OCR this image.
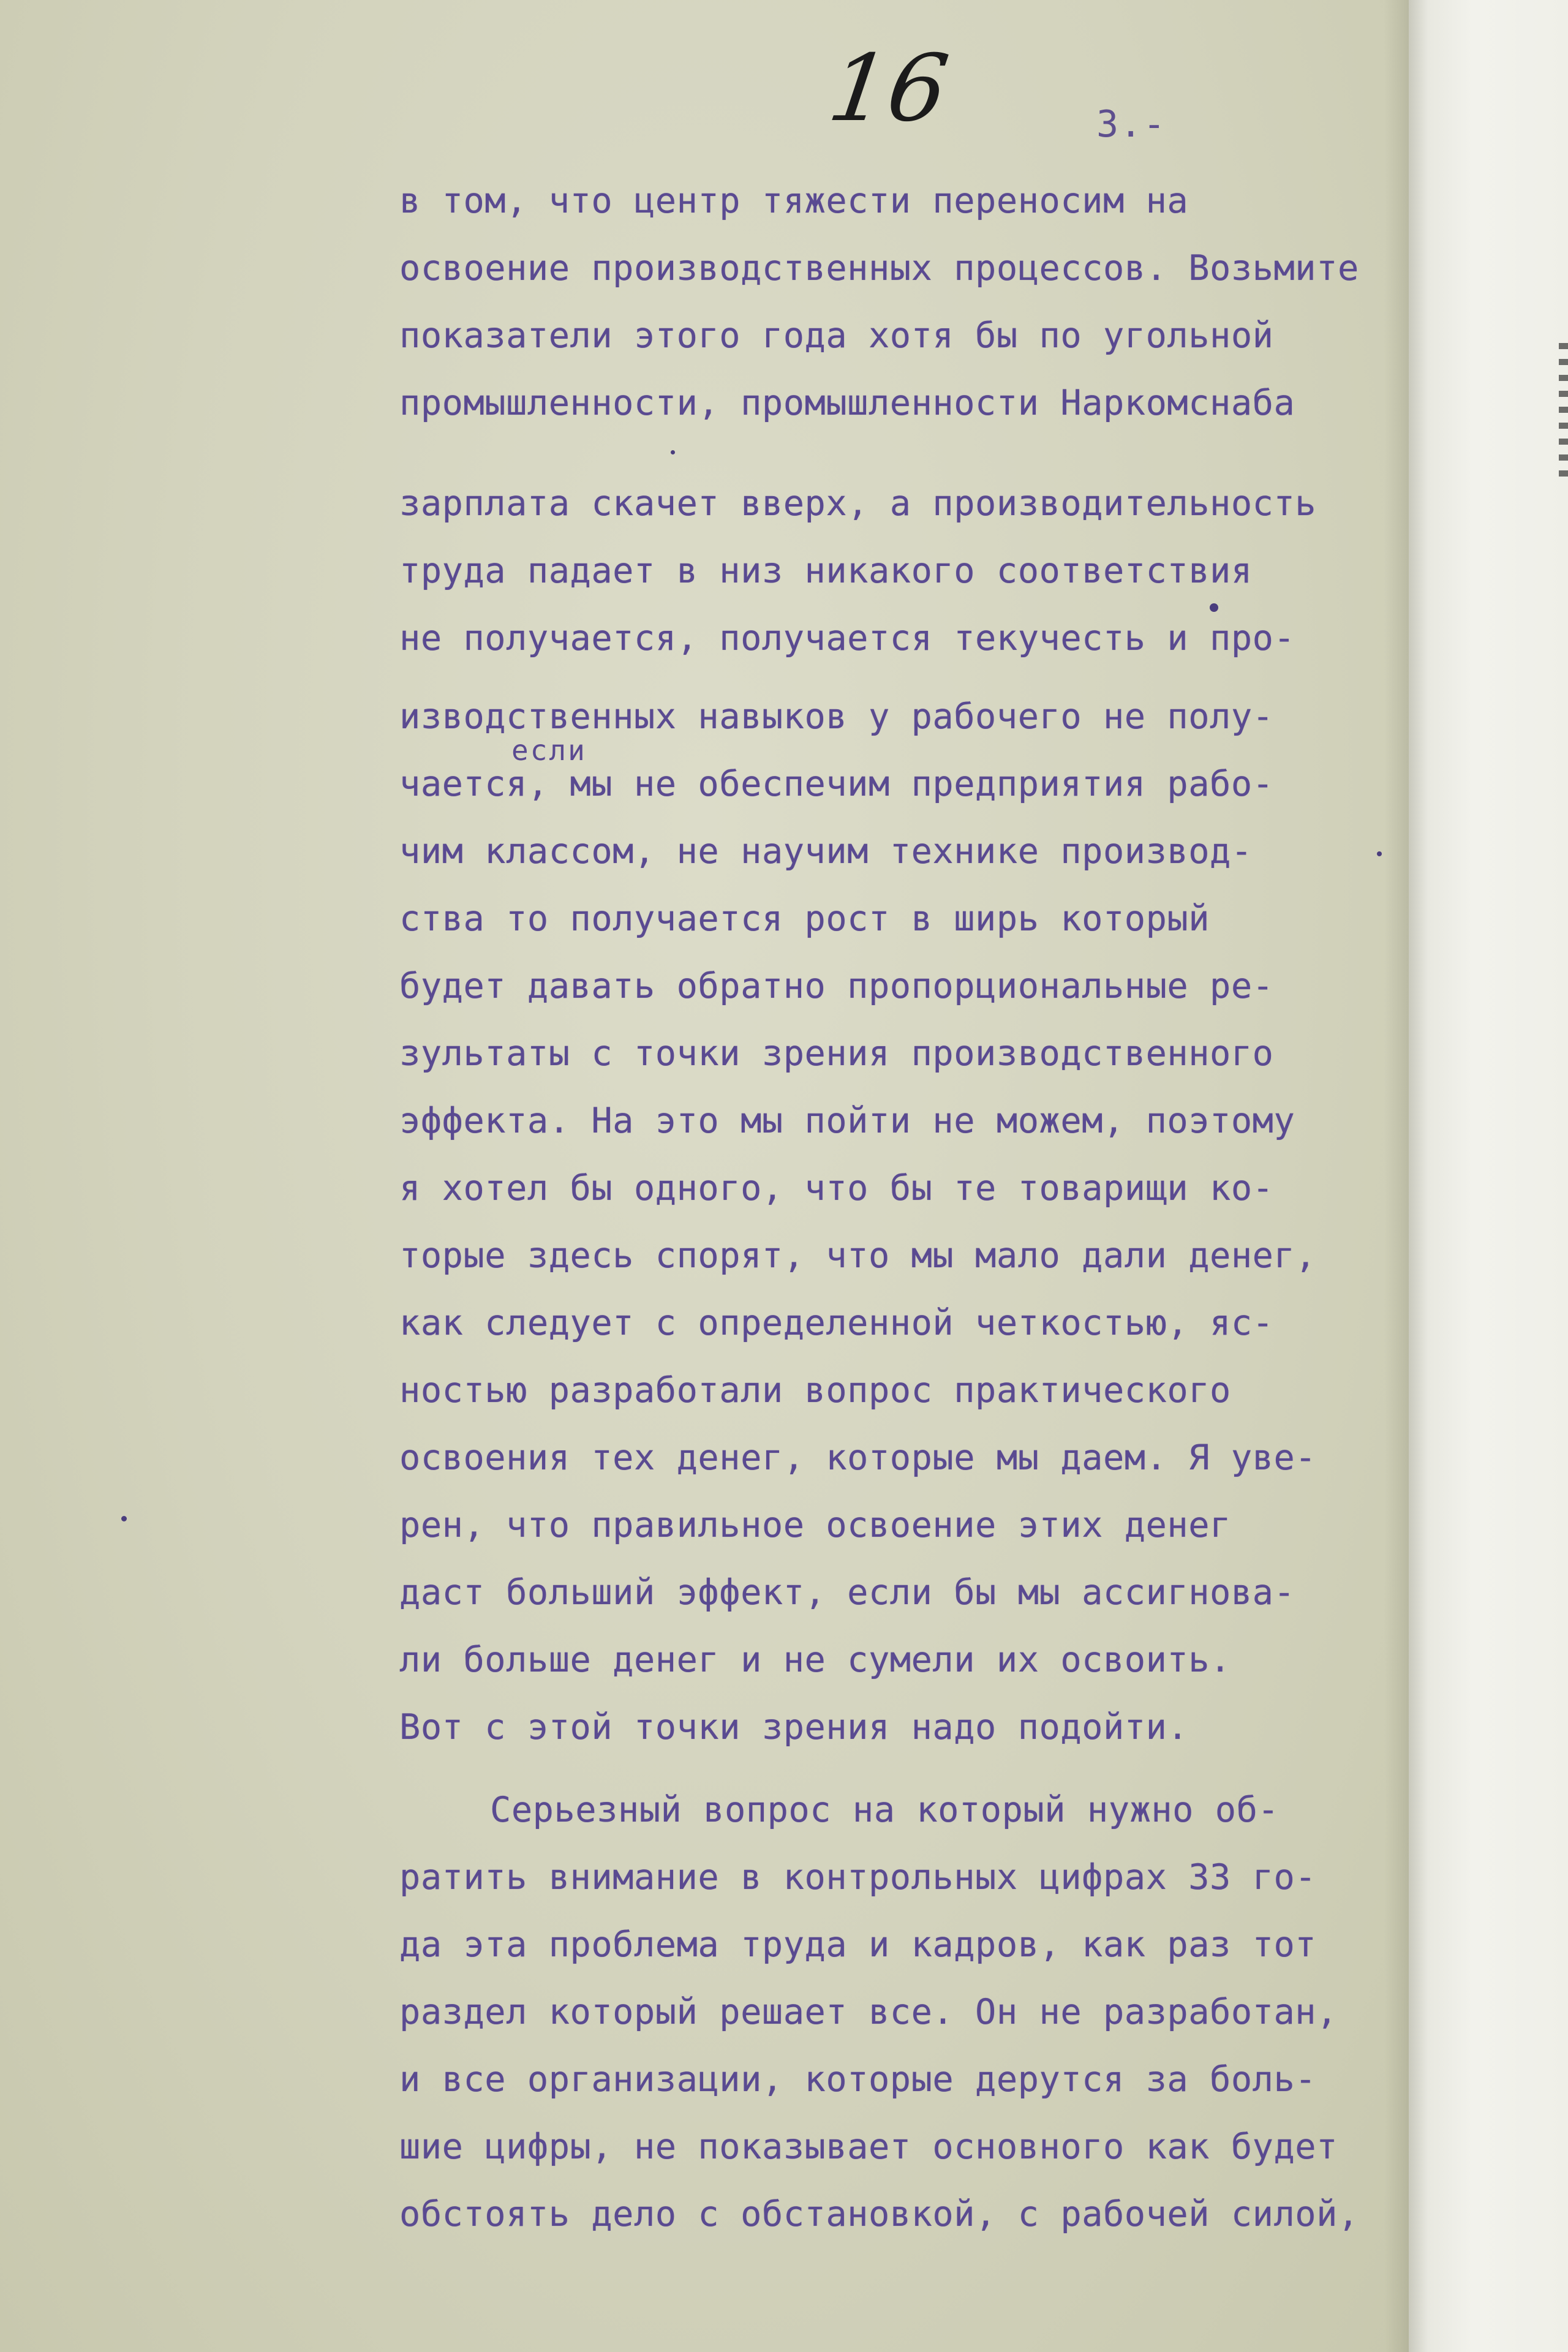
16	3.-
в том, что центр тяжести переносим на
освоение производственных процессов. Возьмите
показатели этого года хотя бы по угольной
промышленности, промышленности Наркомснаба
зарплата скачет вверх, а производительность
труда падает в низ никакого соответствия
не получается, получается текучесть и про-
изводственных навыков у рабочего не полу-
чается, мы не обеспечим предприятия рабо-
чим классом, не научим технике производ-
ства то получается рост в ширь который
будет давать обратно пропорциональные ре-
зультаты с точки зрения производственного
эффекта. На это мы пойти не можем, поэтому
я хотел бы одного, что бы те товарищи ко-
торые здесь спорят, что мы мало дали денег,
как следует с определенной четкостью, яс-
ностью разработали вопрос практического
освоения тех денег, которые мы даем. Я уве-
рен, что правильное освоение этих денег
даст больший эффект, если бы мы ассигнова-
ли больше денег и не сумели их освоить.
Вот с этой точки зрения надо подойти.
Серьезный вопрос на который нужно об-
ратить внимание в контрольных цифрах 33 го-
да эта проблема труда и кадров, как раз тот
раздел который решает все. Он не разработан,
и все организации, которые дерутся за боль-
шие цифры, не показывает основного как будет
обстоять дело с обстановкой, с рабочей силой,
если
